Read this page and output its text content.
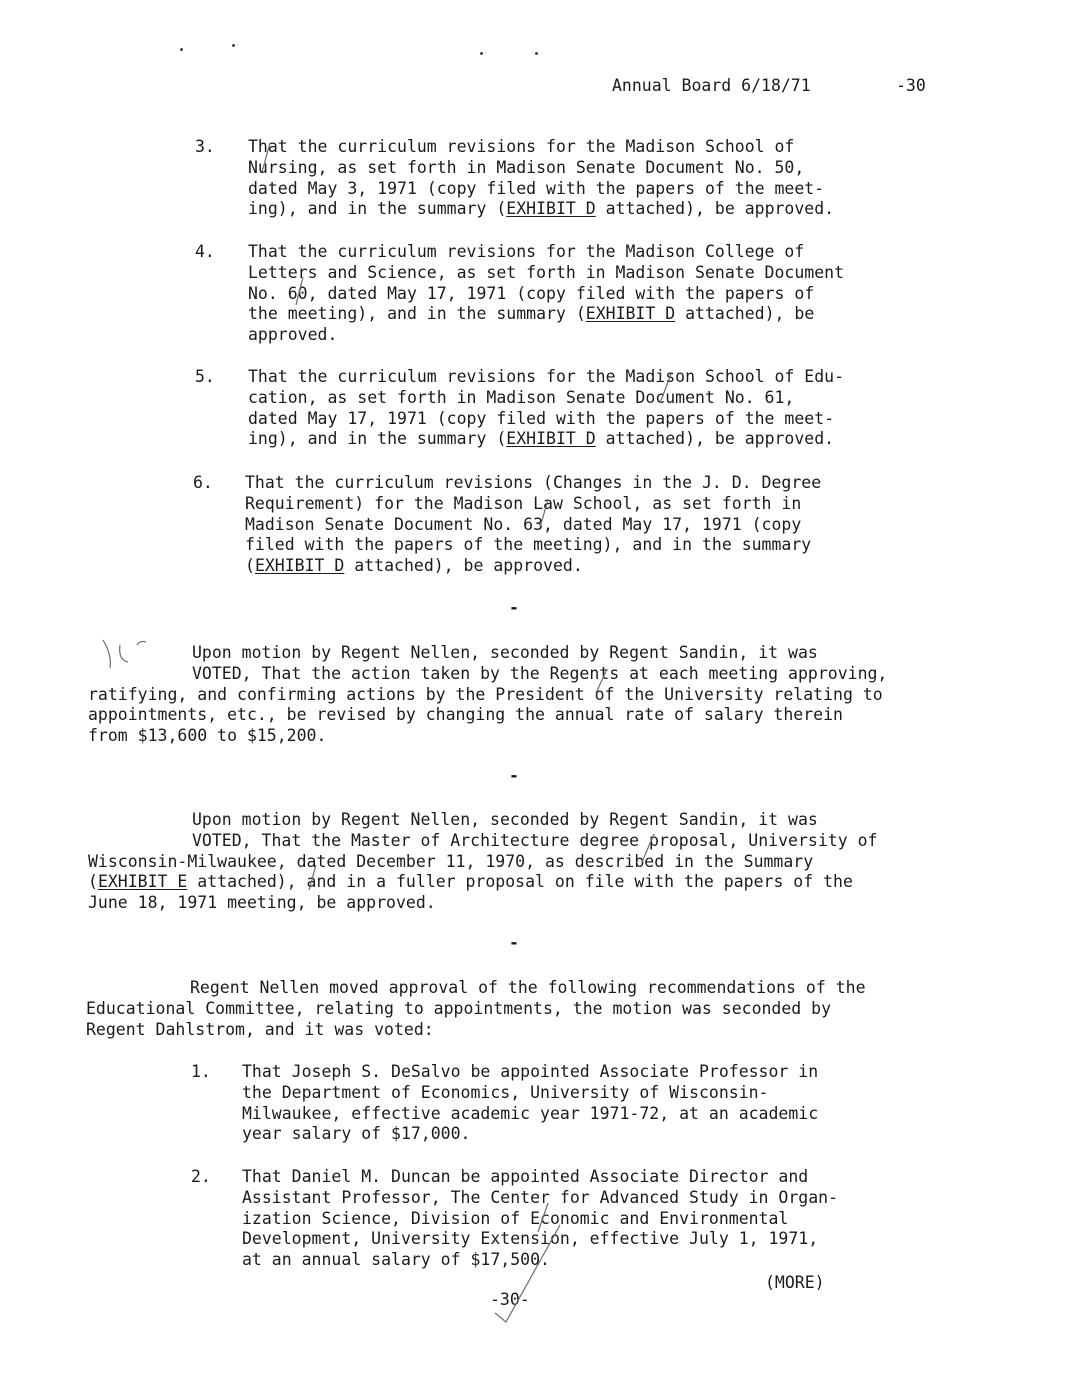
Annual Board 6/18/71	-30
3. That the curriculum revisions for the Madison School of
Nursing, as set forth in Madison Senate Document No. 50,
dated May 3, 1971 (copy filed with the papers of the meet-
ing), and in the summary (EXHIBIT D attached), be approved.
4. That the curriculum revisions for the Madison College of
Letters and Science, as set forth in Madison Senate Document
No. 60, dated May 17, 1971 (copy filed with the papers of
the meeting), and in the summary (EXHIBIT D attached), be
approved.
5. That the curriculum revisions for the Madison School of Edu-
cation, as set forth in Madison Senate Document No. 61,
dated May 17, 1971 (copy filed with the papers of the meet-
ing), and in the summary (EXHIBIT D attached), be approved.
6. That the curriculum revisions (Changes in the J. D. Degree
Requirement) for the Madison Law School, as set forth in
Madison Senate Document No. 63, dated May 17, 1971 (copy
filed with the papers of the meeting), and in the summary
(EXHIBIT D attached), be approved.
-
Upon motion by Regent Nellen, seconded by Regent Sandin, it was
VOTED, That the action taken by the Regents at each meeting approving,
ratifying, and confirming actions by the President of the University relating to
appointments, etc., be revised by changing the annual rate of salary therein
from $13,600 to $15,200.
-
Upon motion by Regent Nellen, seconded by Regent Sandin, it was
VOTED, That the Master of Architecture degree proposal, University of
Wisconsin-Milwaukee, dated December 11, 1970, as described in the Summary
(EXHIBIT E attached), and in a fuller proposal on file with the papers of the
June 18, 1971 meeting, be approved.
-
Regent Nellen moved approval of the following recommendations of the
Educational Committee, relating to appointments, the motion was seconded by
Regent Dahlstrom, and it was voted:
1. That Joseph S. DeSalvo be appointed Associate Professor in
the Department of Economics, University of Wisconsin-
Milwaukee, effective academic year 1971-72, at an academic
year salary of $17,000.
2. That Daniel M. Duncan be appointed Associate Director and
Assistant Professor, The Center for Advanced Study in Organ-
ization Science, Division of Economic and Environmental
Development, University Extension, effective July 1, 1971,
at an annual salary of $17,500.
(MORE)
-30-
